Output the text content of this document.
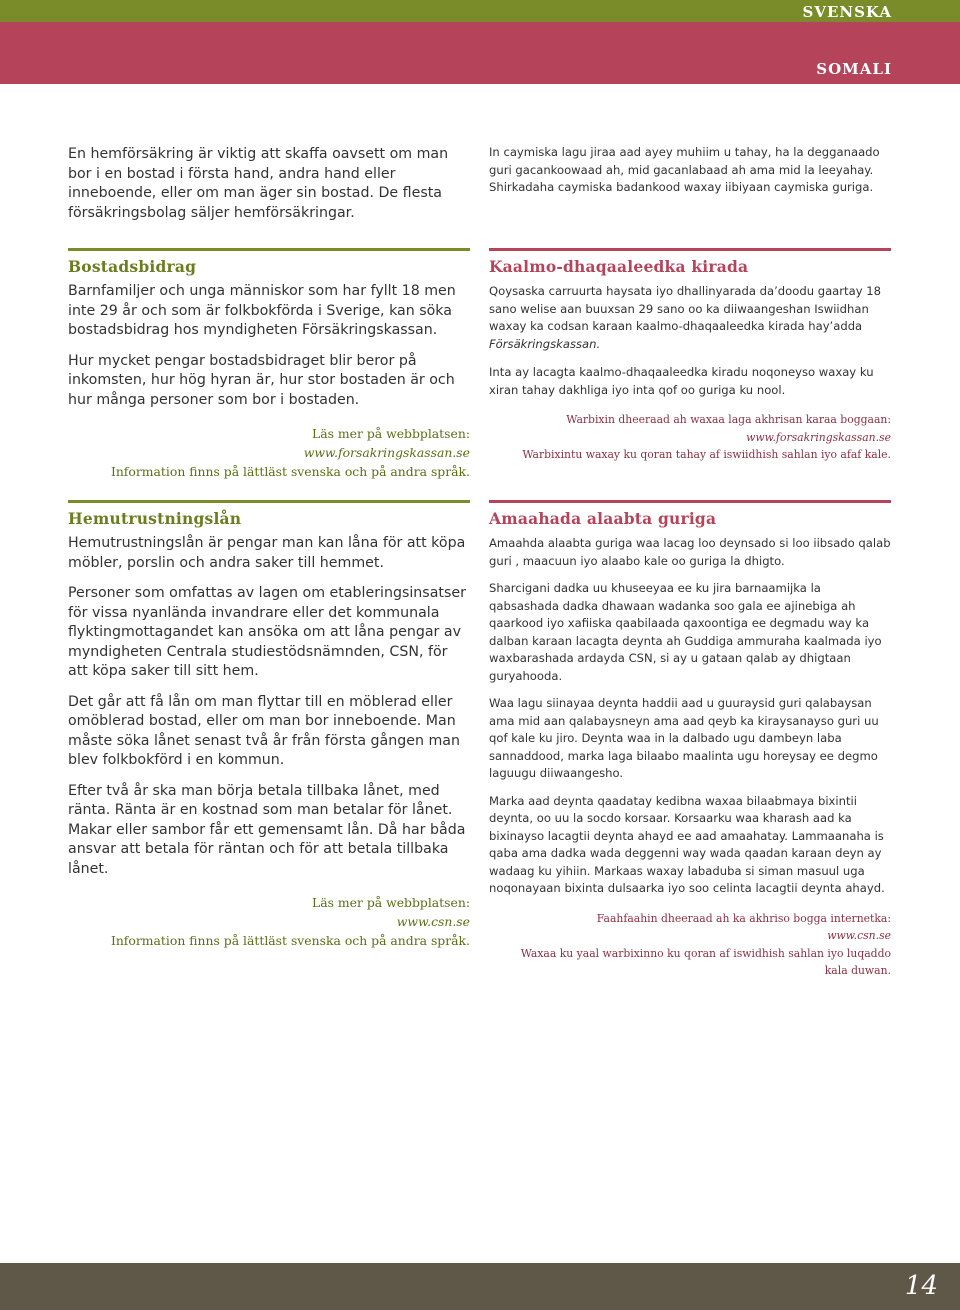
SVENSKA
SOMALI

En hemförsäkring är viktig att skaffa oavsett om man bor i en bostad i första hand, andra hand eller inneboende, eller om man äger sin bostad. De flesta försäkringsbolag säljer hemförsäkringar.

In caymiska lagu jiraa aad ayey muhiim u tahay, ha la degganaado guri gacankoowaad ah, mid gacanlabaad ah ama mid la leeyahay. Shirkadaha caymiska badankood waxay iibiyaan caymiska guriga.

Bostadsbidrag

Barnfamiljer och unga människor som har fyllt 18 men inte 29 år och som är folkbokförda i Sverige, kan söka bostadsbidrag hos myndigheten Försäkringskassan.

Hur mycket pengar bostadsbidraget blir beror på inkomsten, hur hög hyran är, hur stor bostaden är och hur många personer som bor i bostaden.

Läs mer på webbplatsen:
www.forsakringskassan.se
Information finns på lättläst svenska och på andra språk.
Kaalmo-dhaqaaleedka kirada

Qoysaska carruurta haysata iyo dhallinyarada da’doodu gaartay 18 sano welise aan buuxsan 29 sano oo ka diiwaangeshan Iswiidhan waxay ka codsan karaan kaalmo-dhaqaaleedka kirada hay’adda Försäkringskassan.

Inta ay lacagta kaalmo-dhaqaaleedka kiradu noqoneyso waxay ku xiran tahay dakhliga iyo inta qof oo guriga ku nool.

Warbixin dheeraad ah waxaa laga akhrisan karaa boggaan:
www.forsakringskassan.se
Warbixintu waxay ku qoran tahay af iswiidhish sahlan iyo afaf kale.
Hemutrustningslån

Hemutrustningslån är pengar man kan låna för att köpa möbler, porslin och andra saker till hemmet.

Personer som omfattas av lagen om etableringsinsatser för vissa nyanlända invandrare eller det kommunala flyktingmottagandet kan ansöka om att låna pengar av myndigheten Centrala studiestödsnämnden, CSN, för att köpa saker till sitt hem.

Det går att få lån om man flyttar till en möblerad eller omöblerad bostad, eller om man bor inneboende. Man måste söka lånet senast två år från första gången man blev folkbokförd i en kommun.

Efter två år ska man börja betala tillbaka lånet, med ränta. Ränta är en kostnad som man betalar för lånet. Makar eller sambor får ett gemensamt lån. Då har båda ansvar att betala för räntan och för att betala tillbaka lånet.

Läs mer på webbplatsen:
www.csn.se
Information finns på lättläst svenska och på andra språk.
Amaahada alaabta guriga

Amaahda alaabta guriga waa lacag loo deynsado si loo iibsado qalab guri , maacuun iyo alaabo kale oo guriga la dhigto.

Sharcigani dadka uu khuseeyaa ee ku jira barnaamijka la qabsashada dadka dhawaan wadanka soo gala ee ajinebiga ah qaarkood iyo xafiiska qaabilaada qaxoontiga ee degmadu way ka dalban karaan lacagta deynta ah Guddiga ammuraha kaalmada iyo waxbarashada ardayda CSN, si ay u gataan qalab ay dhigtaan guryahooda.

Waa lagu siinayaa deynta haddii aad u guuraysid guri qalabaysan ama mid aan qalabaysneyn ama aad qeyb ka kiraysanayso guri uu qof kale ku jiro. Deynta waa in la dalbado ugu dambeyn laba sannaddood, marka laga bilaabo maalinta ugu horeysay ee degmo laguugu diiwaangesho.

Marka aad deynta qaadatay kedibna waxaa bilaabmaya bixintii deynta, oo uu la socdo korsaar. Korsaarku waa kharash aad ka bixinayso lacagtii deynta ahayd ee aad amaahatay. Lammaanaha is qaba ama dadka wada deggenni way wada qaadan karaan deyn ay wadaag ku yihiin. Markaas waxay labaduba si siman masuul uga noqonayaan bixinta dulsaarka iyo soo celinta lacagtii deynta ahayd.

Faahfaahin dheeraad ah ka akhriso bogga internetka:
www.csn.se
Waxaa ku yaal warbixinno ku qoran af iswidhish sahlan iyo luqaddo
kala duwan.
14
